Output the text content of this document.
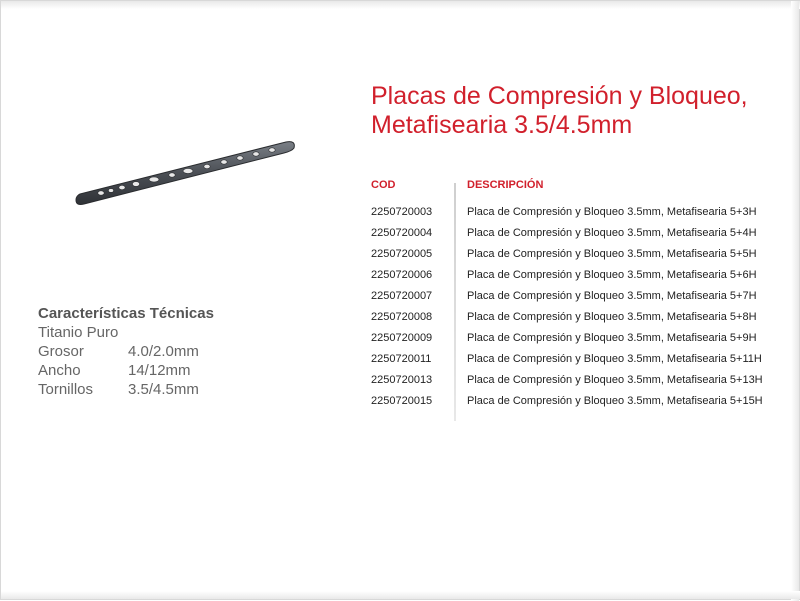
Placas de Compresión y Bloqueo,
Metafisearia 3.5/4.5mm
Características Técnicas
Titanio Puro
Grosor	4.0/2.0mm
Ancho	14/12mm
Tornillos	3.5/4.5mm
COD	DESCRIPCIÓN
2250720003	Placa de Compresión y Bloqueo 3.5mm, Metafisearia 5+3H
2250720004	Placa de Compresión y Bloqueo 3.5mm, Metafisearia 5+4H
2250720005	Placa de Compresión y Bloqueo 3.5mm, Metafisearia 5+5H
2250720006	Placa de Compresión y Bloqueo 3.5mm, Metafisearia 5+6H
2250720007	Placa de Compresión y Bloqueo 3.5mm, Metafisearia 5+7H
2250720008	Placa de Compresión y Bloqueo 3.5mm, Metafisearia 5+8H
2250720009	Placa de Compresión y Bloqueo 3.5mm, Metafisearia 5+9H
2250720011	Placa de Compresión y Bloqueo 3.5mm, Metafisearia 5+11H
2250720013	Placa de Compresión y Bloqueo 3.5mm, Metafisearia 5+13H
2250720015	Placa de Compresión y Bloqueo 3.5mm, Metafisearia 5+15H
